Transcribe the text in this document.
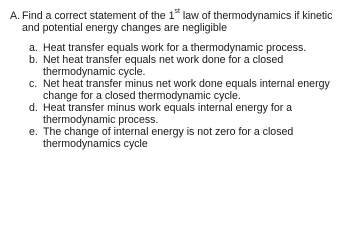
A. Find a correct statement of the 1st law of thermodynamics if kinetic and potential energy changes are negligible
a. Heat transfer equals work for a thermodynamic process.
b. Net heat transfer equals net work done for a closed thermodynamic cycle.
c. Net heat transfer minus net work done equals internal energy change for a closed thermodynamic cycle.
d. Heat transfer minus work equals internal energy for a thermodynamic process.
e. The change of internal energy is not zero for a closed thermodynamics cycle
